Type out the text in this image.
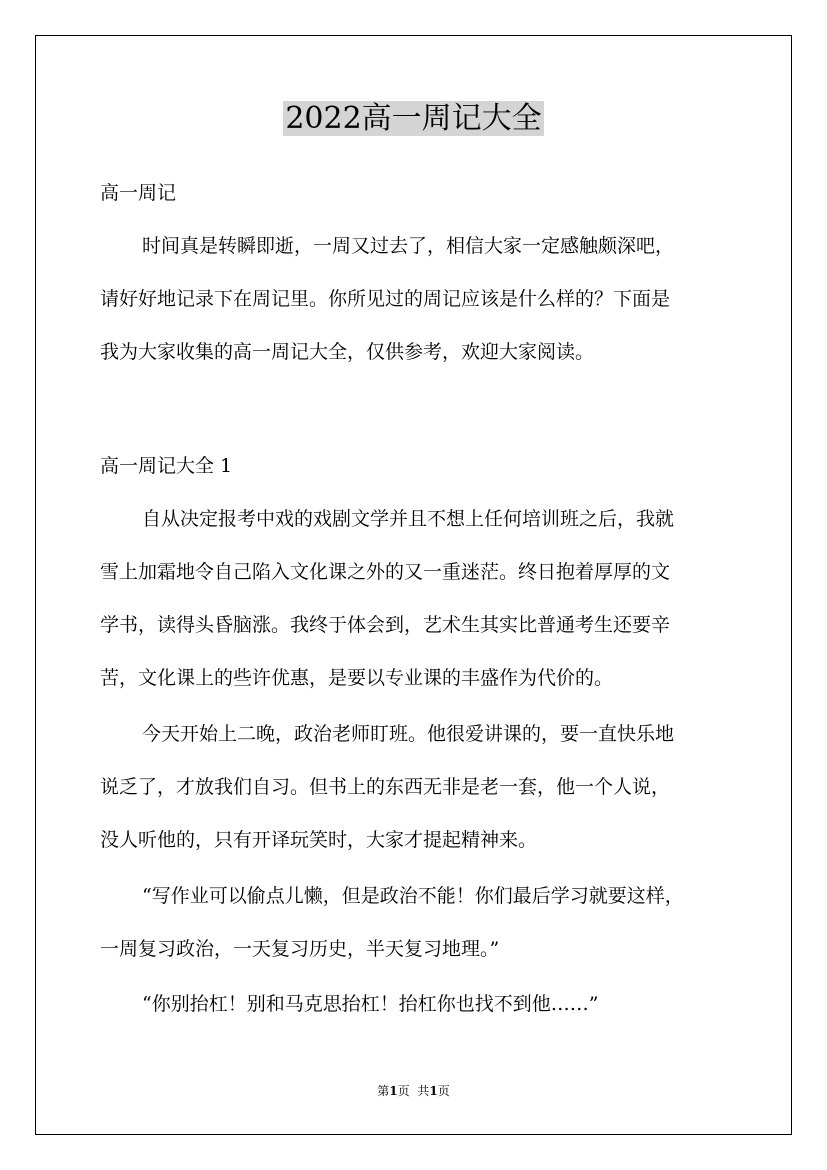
2022高一周记大全
高一周记
时间真是转瞬即逝，一周又过去了，相信大家一定感触颇深吧，
请好好地记录下在周记里。你所见过的周记应该是什么样的？下面是
我为大家收集的高一周记大全，仅供参考，欢迎大家阅读。
高一周记大全 1
自从决定报考中戏的戏剧文学并且不想上任何培训班之后，我就
雪上加霜地令自己陷入文化课之外的又一重迷茫。终日抱着厚厚的文
学书，读得头昏脑涨。我终于体会到，艺术生其实比普通考生还要辛
苦，文化课上的些许优惠，是要以专业课的丰盛作为代价的。
今天开始上二晚，政治老师盯班。他很爱讲课的，要一直快乐地
说乏了，才放我们自习。但书上的东西无非是老一套，他一个人说，
没人听他的，只有开译玩笑时，大家才提起精神来。
“写作业可以偷点儿懒，但是政治不能！你们最后学习就要这样，
一周复习政治，一天复习历史，半天复习地理。”
“你别抬杠！别和马克思抬杠！抬杠你也找不到他……”
第1页 共1页
